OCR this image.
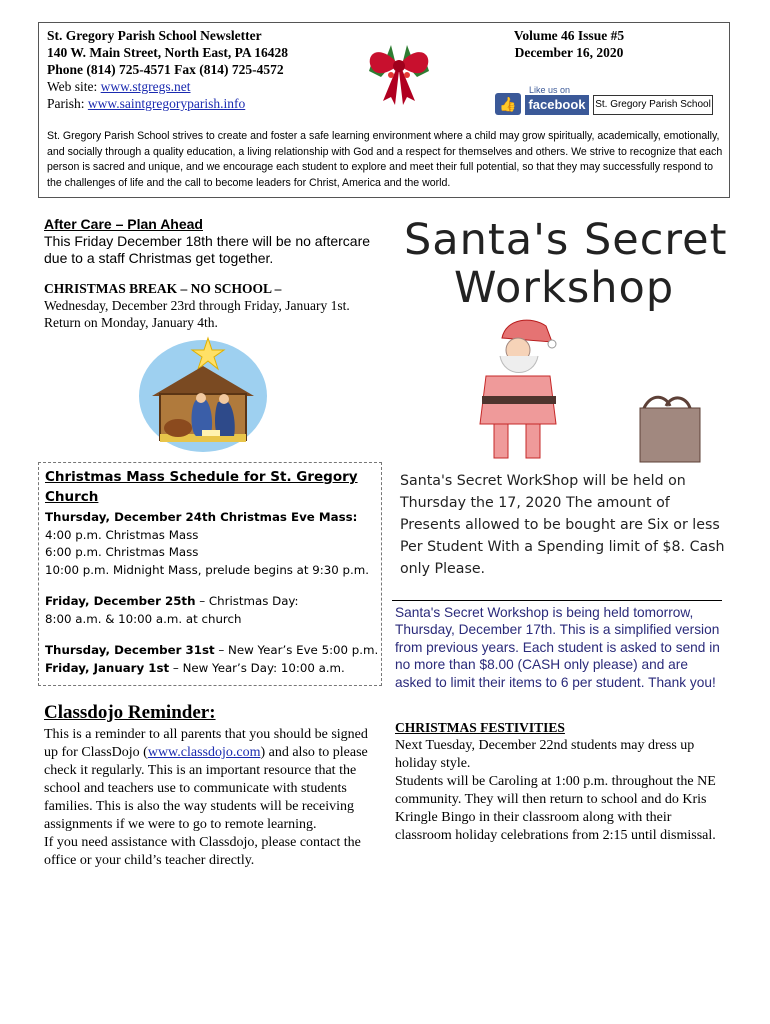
St. Gregory Parish School Newsletter
140 W. Main Street, North East, PA 16428
Phone (814) 725-4571 Fax (814) 725-4572
Web site: www.stgregs.net
Parish: www.saintgregoryparish.info
Volume 46 Issue #5
December 16, 2020
Like us on
👍 facebook St. Gregory Parish School
St. Gregory Parish School strives to create and foster a safe learning environment where a child may grow spiritually, academically, emotionally, and socially through a quality education, a living relationship with God and a respect for themselves and others. We strive to recognize that each person is sacred and unique, and we encourage each student to explore and meet their full potential, so that they may successfully respond to the challenges of life and the call to become leaders for Christ, America and the world.
After Care – Plan Ahead
This Friday December 18th there will be no aftercare due to a staff Christmas get together.
CHRISTMAS BREAK – NO SCHOOL –
Wednesday, December 23rd through Friday, January 1st.
Return on Monday, January 4th.
Christmas Mass Schedule for St. Gregory Church
Thursday, December 24th Christmas Eve Mass:
4:00 p.m. Christmas Mass
6:00 p.m. Christmas Mass
10:00 p.m. Midnight Mass, prelude begins at 9:30 p.m.
Friday, December 25th – Christmas Day:
8:00 a.m. & 10:00 a.m. at church
Thursday, December 31st – New Year’s Eve 5:00 p.m.
Friday, January 1st – New Year’s Day: 10:00 a.m.
Classdojo Reminder:
This is a reminder to all parents that you should be signed up for ClassDojo (www.classdojo.com) and also to please check it regularly. This is an important resource that the school and teachers use to communicate with students families. This is also the way students will be receiving assignments if we were to go to remote learning.
If you need assistance with Classdojo, please contact the office or your child’s teacher directly.
Santa's Secret
Workshop
Santa's Secret WorkShop will be held on Thursday the 17, 2020 The amount of Presents allowed to be bought are Six or less Per Student With a Spending limit of $8. Cash only Please.
Santa's Secret Workshop is being held tomorrow, Thursday, December 17th. This is a simplified version from previous years. Each student is asked to send in no more than $8.00 (CASH only please) and are asked to limit their items to 6 per student. Thank you!
CHRISTMAS FESTIVITIES
Next Tuesday, December 22nd students may dress up holiday style.
Students will be Caroling at 1:00 p.m. throughout the NE community. They will then return to school and do Kris Kringle Bingo in their classroom along with their classroom holiday celebrations from 2:15 until dismissal.
